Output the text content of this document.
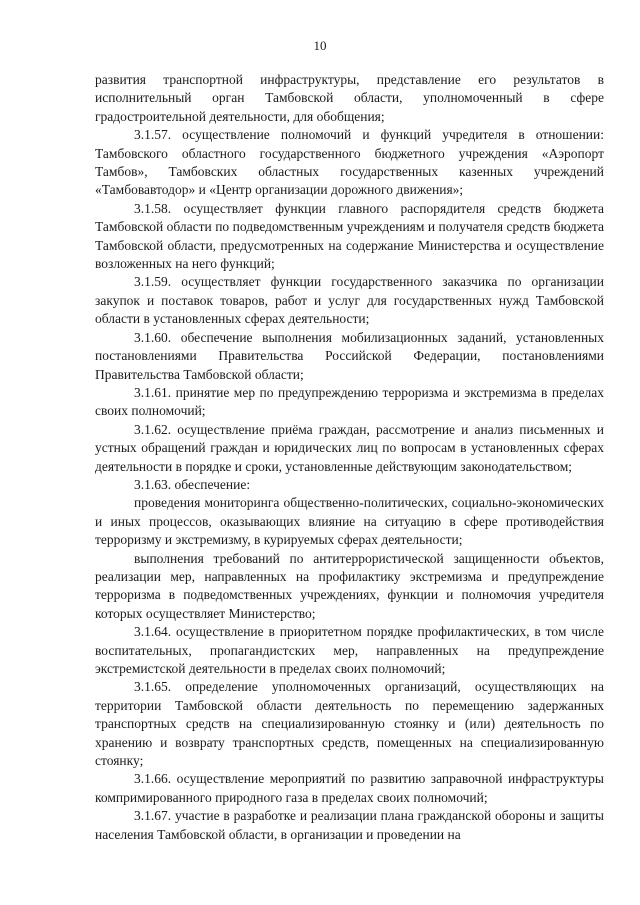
10

развития транспортной инфраструктуры, представление его результатов в исполнительный орган Тамбовской области, уполномоченный в сфере градостроительной деятельности, для обобщения;

3.1.57. осуществление полномочий и функций учредителя в отношении: Тамбовского областного государственного бюджетного учреждения «Аэропорт Тамбов», Тамбовских областных государственных казенных учреждений «Тамбовавтодор» и «Центр организации дорожного движения»;

3.1.58. осуществляет функции главного распорядителя средств бюджета Тамбовской области по подведомственным учреждениям и получателя средств бюджета Тамбовской области, предусмотренных на содержание Министерства и осуществление возложенных на него функций;

3.1.59. осуществляет функции государственного заказчика по организации закупок и поставок товаров, работ и услуг для государственных нужд Тамбовской области в установленных сферах деятельности;

3.1.60. обеспечение выполнения мобилизационных заданий, установленных постановлениями Правительства Российской Федерации, постановлениями Правительства Тамбовской области;

3.1.61. принятие мер по предупреждению терроризма и экстремизма в пределах своих полномочий;

3.1.62. осуществление приёма граждан, рассмотрение и анализ письменных и устных обращений граждан и юридических лиц по вопросам в установленных сферах деятельности в порядке и сроки, установленные действующим законодательством;

3.1.63. обеспечение:

проведения мониторинга общественно-политических, социально-экономических и иных процессов, оказывающих влияние на ситуацию в сфере противодействия терроризму и экстремизму, в курируемых сферах деятельности;

выполнения требований по антитеррористической защищенности объектов, реализации мер, направленных на профилактику экстремизма и предупреждение терроризма в подведомственных учреждениях, функции и полномочия учредителя которых осуществляет Министерство;

3.1.64. осуществление в приоритетном порядке профилактических, в том числе воспитательных, пропагандистских мер, направленных на предупреждение экстремистской деятельности в пределах своих полномочий;

3.1.65. определение уполномоченных организаций, осуществляющих на территории Тамбовской области деятельность по перемещению задержанных транспортных средств на специализированную стоянку и (или) деятельность по хранению и возврату транспортных средств, помещенных на специализированную стоянку;

3.1.66. осуществление мероприятий по развитию заправочной инфраструктуры компримированного природного газа в пределах своих полномочий;

3.1.67. участие в разработке и реализации плана гражданской обороны и защиты населения Тамбовской области, в организации и проведении на
